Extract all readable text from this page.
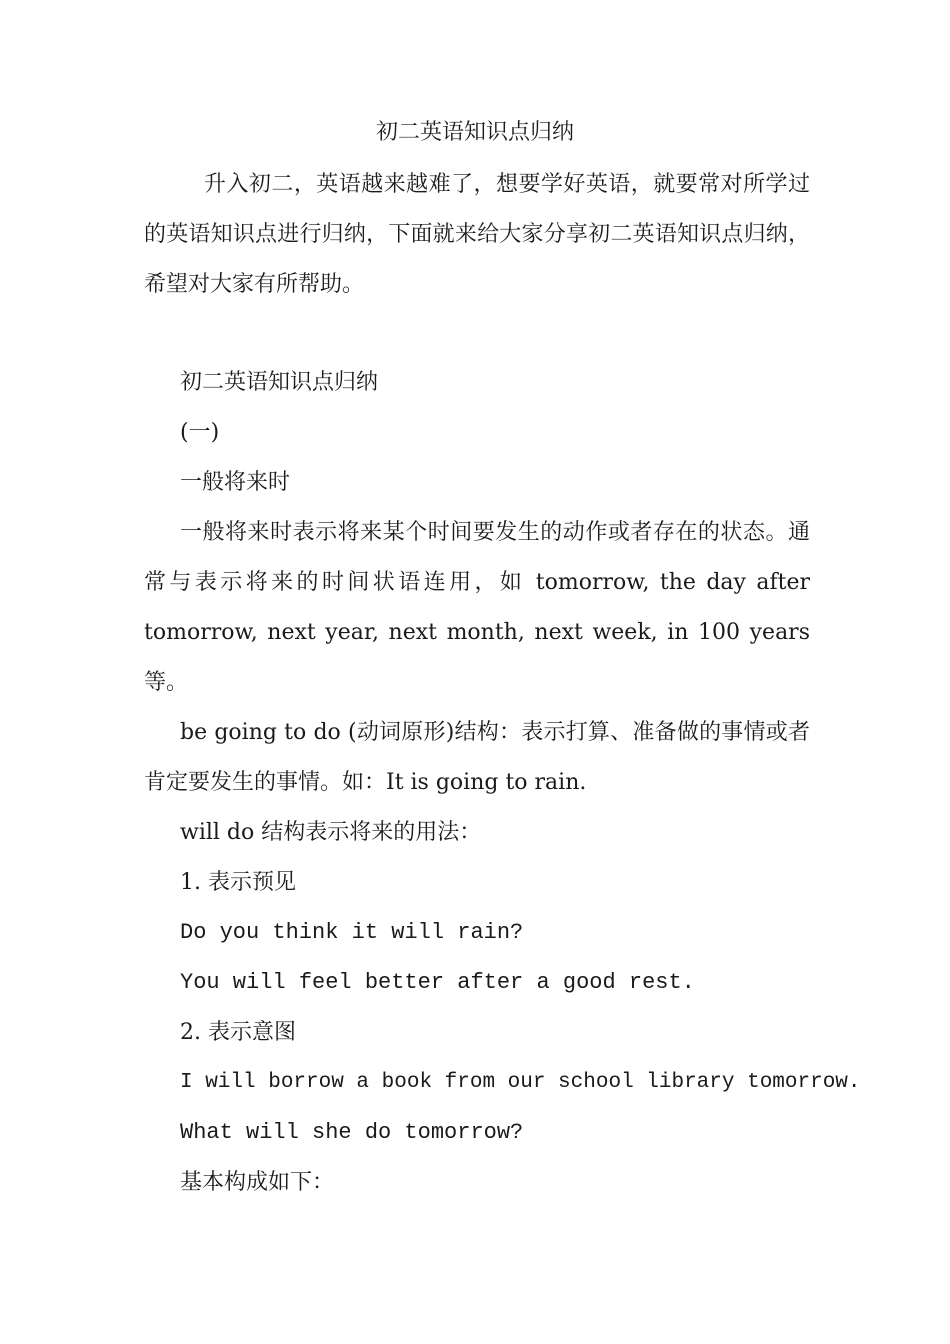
初二英语知识点归纳

升入初二，英语越来越难了，想要学好英语，就要常对所学过的英语知识点进行归纳，下面就来给大家分享初二英语知识点归纳，希望对大家有所帮助。

初二英语知识点归纳

(一)

一般将来时

一般将来时表示将来某个时间要发生的动作或者存在的状态。通常与表示将来的时间状语连用，如 tomorrow, the day after tomorrow, next year, next month, next week, in 100 years等。

be going to do (动词原形)结构：表示打算、准备做的事情或者肯定要发生的事情。如：It is going to rain.

will do 结构表示将来的用法：

1. 表示预见

Do you think it will rain?

You will feel better after a good rest.

2. 表示意图

I will borrow a book from our school library tomorrow.

What will she do tomorrow?

基本构成如下：
